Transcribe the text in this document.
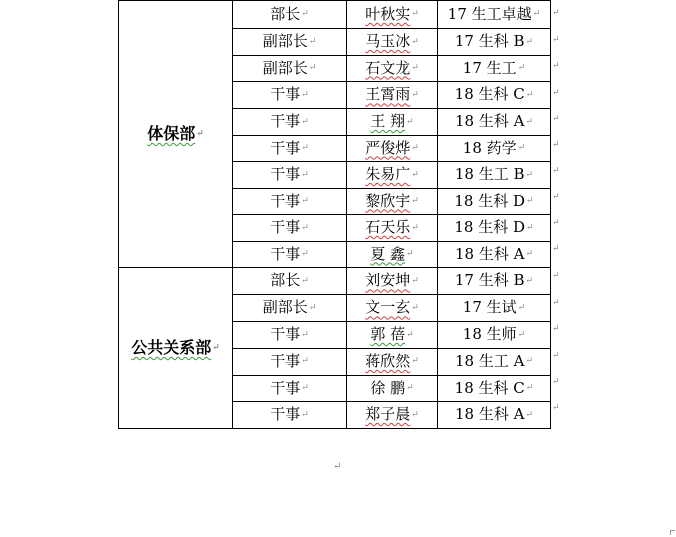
体保部↵	部长↵	叶秋实↵	17 生工卓越↵
	副部长↵	马玉冰↵	17 生科 B↵
	副部长↵	石文龙↵	17 生工↵
	干事↵	王霄雨↵	18 生科 C↵
	干事↵	王 翔↵	18 生科 A↵
	干事↵	严俊烨↵	18 药学↵
	干事↵	朱易广↵	18 生工 B↵
	干事↵	黎欣宇↵	18 生科 D↵
	干事↵	石天乐↵	18 生科 D↵
	干事↵	夏 鑫↵	18 生科 A↵
公共关系部↵	部长↵	刘安坤↵	17 生科 B↵
	副部长↵	文一玄↵	17 生试↵
	干事↵	郭 蓓↵	18 生师↵
	干事↵	蒋欣然↵	18 生工 A↵
	干事↵	徐 鹏↵	18 生科 C↵
	干事↵	郑子晨↵	18 生科 A↵
↵
↵
↵
↵
↵
↵
↵
↵
↵
↵
↵
↵
↵
↵
↵
↵
↵
